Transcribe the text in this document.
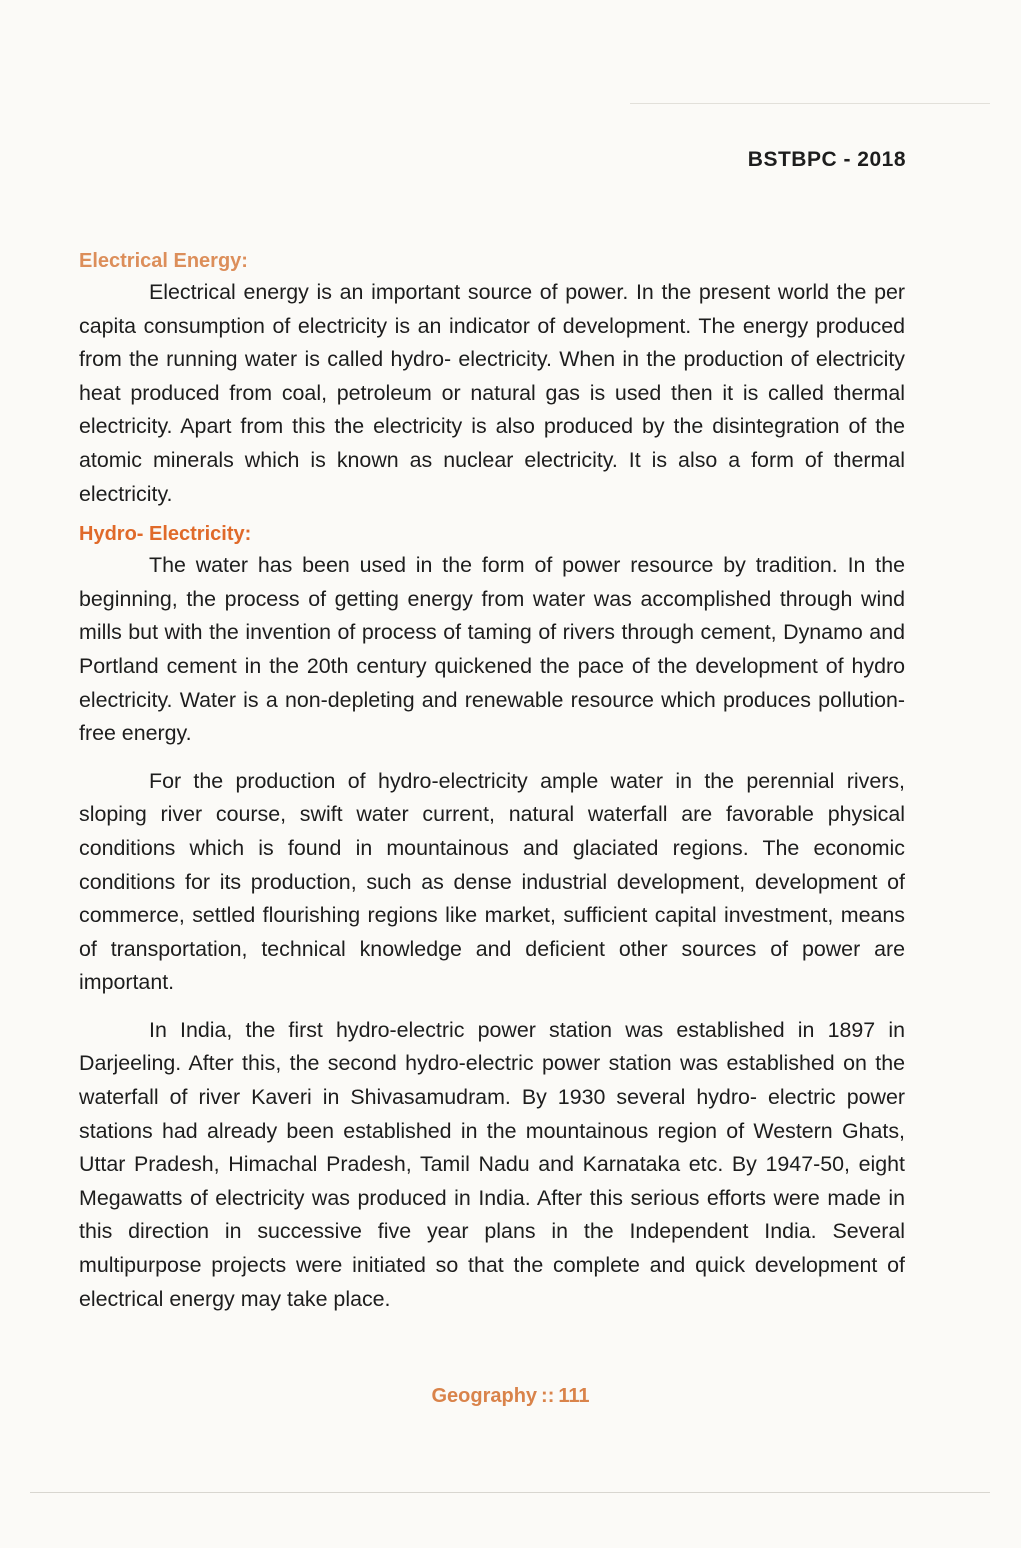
BSTBPC - 2018
Electrical Energy:

Electrical energy is an important source of power. In the present world the per capita consumption of electricity is an indicator of development. The energy produced from the running water is called hydro- electricity. When in the production of electricity heat produced from coal, petroleum or natural gas is used then it is called thermal electricity. Apart from this the electricity is also produced by the disintegration of the atomic minerals which is known as nuclear electricity. It is also a form of thermal electricity.

Hydro- Electricity:

The water has been used in the form of power resource by tradition. In the beginning, the process of getting energy from water was accomplished through wind mills but with the invention of process of taming of rivers through cement, Dynamo and Portland cement in the 20th century quickened the pace of the development of hydro electricity. Water is a non-depleting and renewable resource which produces pollution-free energy.

For the production of hydro-electricity ample water in the perennial rivers, sloping river course, swift water current, natural waterfall are favorable physical conditions which is found in mountainous and glaciated regions. The economic conditions for its production, such as dense industrial development, development of commerce, settled flourishing regions like market, sufficient capital investment, means of transportation, technical knowledge and deficient other sources of power are important.

In India, the first hydro-electric power station was established in 1897 in Darjeeling. After this, the second hydro-electric power station was established on the waterfall of river Kaveri in Shivasamudram. By 1930 several hydro- electric power stations had already been established in the mountainous region of Western Ghats, Uttar Pradesh, Himachal Pradesh, Tamil Nadu and Karnataka etc. By 1947-50, eight Megawatts of electricity was produced in India. After this serious efforts were made in this direction in successive five year plans in the Independent India. Several multipurpose projects were initiated so that the complete and quick development of electrical energy may take place.

Geography :: 111
